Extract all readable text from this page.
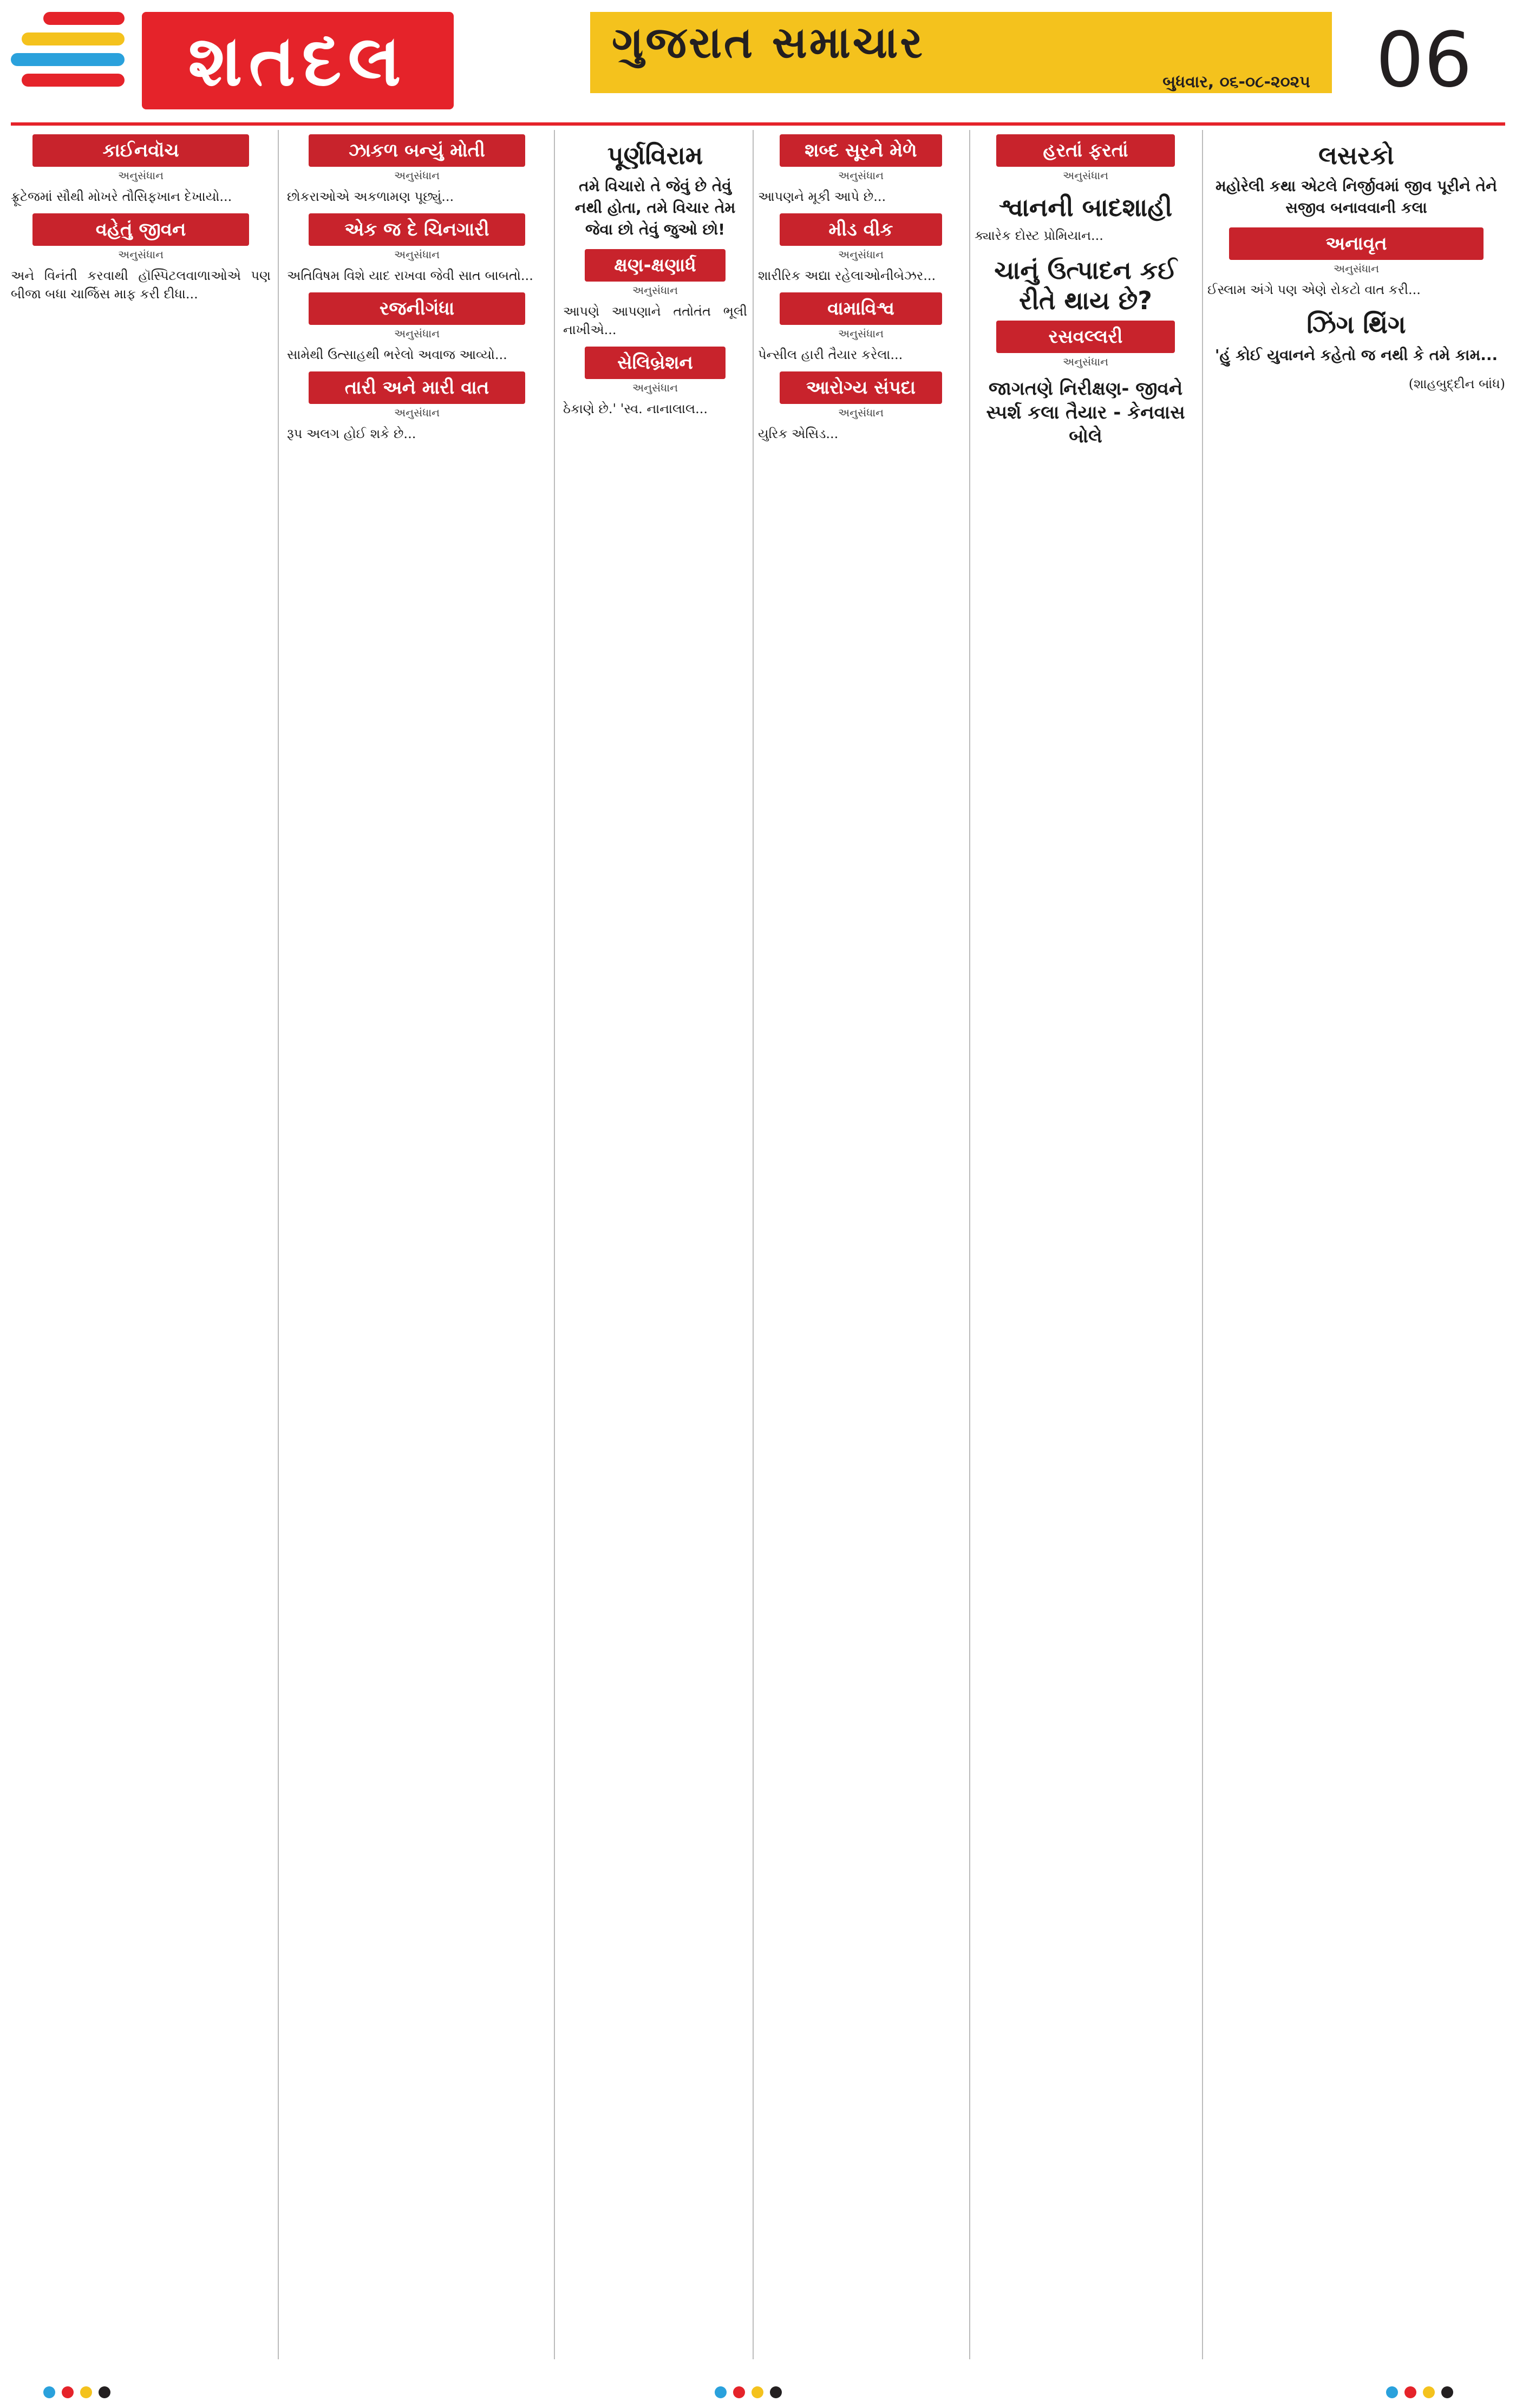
શતદલ	ગુજરાત સમાચાર
બુધવાર, ૦૬-૦૮-૨૦૨૫ 06
કાઈનવૉચ
અનુસંધાન

ફ્રૂટેજમાં સૌથી મોખરે તૌસિફખાન દેખાયો...

વહેતું જીવન
અનુસંધાન

અને વિનંતી કરવાથી હૉસ્પિટલવાળાઓએ પણ બીજા બધા ચાર્જિસ માફ કરી દીધા...

ઝાકળ બન્યું મોતી
અનુસંધાન

છોકરાઓએ અકળામણ પૂછ્યું...

એક જ દે ચિનગારી
અનુસંધાન

અતિવિષમ વિશે યાદ રાખવા જેવી સાત બાબતો...

રજનીગંધા
અનુસંધાન

સામેથી ઉત્સાહથી ભરેલો અવાજ આવ્યો...

તારી અને મારી વાત
અનુસંધાન

રૂપ અલગ હોઈ શકે છે...

પૂર્ણવિરામ

તમે વિચારો તે જેવું છે તેવું નથી હોતા, તમે વિચાર તેમ જેવા છો તેવું જુઓ છો!

ક્ષણ-ક્ષણાર્ધ
અનુસંધાન

આપણે આપણાને તતોતંત ભૂલી નાખીએ...

સેલિબ્રેશન
અનુસંધાન

ઠેકાણે છે.' 'સ્વ. નાનાલાલ...

શબ્દ સૂરને મેળે
અનુસંધાન

આપણને મૂકી આપે છે...

મીડ વીક
અનુસંધાન

શારીરિક અદ્યા રહેલાઓનીબેઝર...

વામાવિશ્વ
અનુસંધાન

પેન્સીલ હારી તૈયાર કરેલા...

આરોગ્ય સંપદા
અનુસંધાન

યુરિક એસિડ...

હરતાં ફરતાં
અનુસંધાન
શ્વાનની બાદશાહી

ક્યારેક દોસ્ટ પ્રોમિયાન...

ચાનું ઉત્પાદન કઈ રીતે થાય છે?
રસવલ્લરી
અનુસંધાન
જાગતણે નિરીક્ષણ- જીવને સ્પર્શ કલા તૈયાર - કેનવાસ બોલે
લસરકો

મહોરેલી કથા એટલે નિર્જીવમાં જીવ પૂરીને તેને સજીવ બનાવવાની કલા

અનાવૃત
અનુસંધાન

ઈસ્લામ અંગે પણ એણે રોકટો વાત કરી...

ઝિંગ થિંગ

'હું કોઈ યુવાનને કહેતો જ નથી કે તમે કામ...

(શાહબુદ્દીન બાંધ)
